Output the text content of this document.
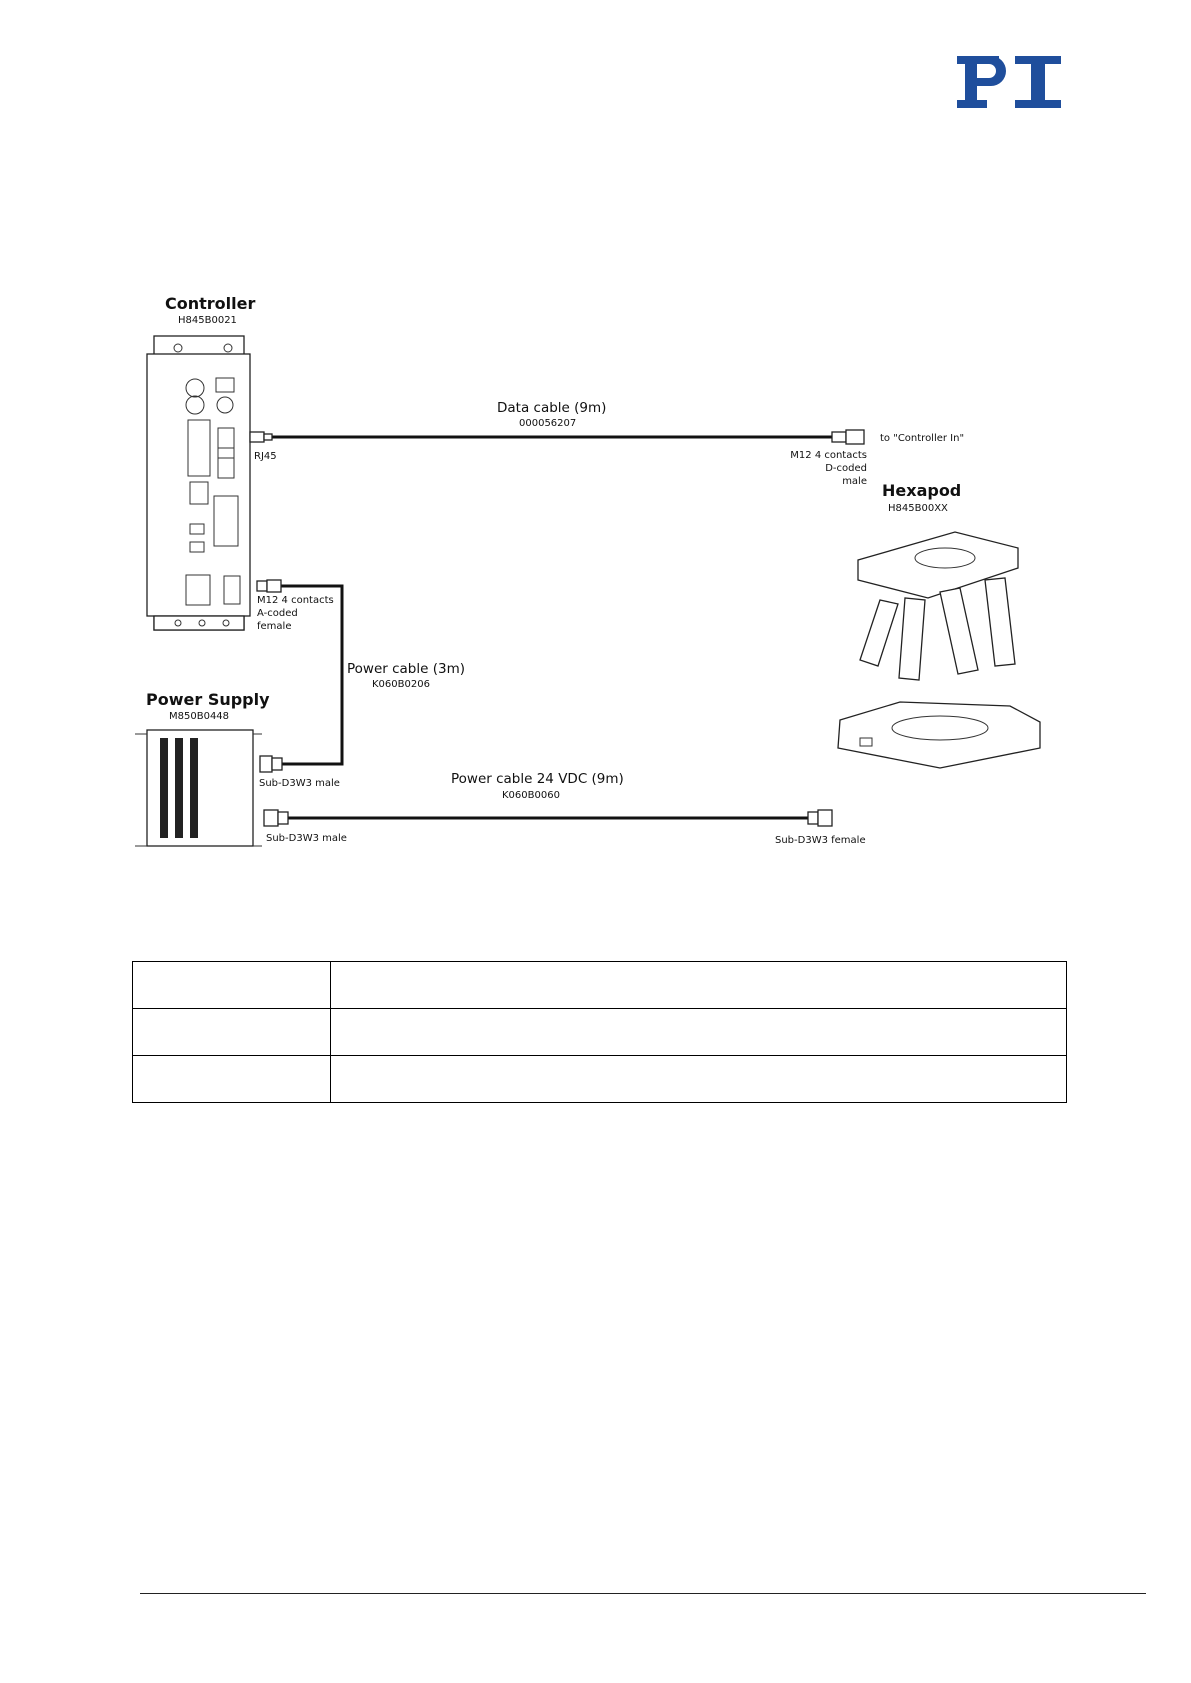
Controller
H845B0021
Data cable (9m)
000056207
RJ45
to "Controller In"
M12 4 contacts
D-coded
male Hexapod
H845B00XX
M12 4 contacts
A-coded
female
Power cable (3m)
K060B0206
Sub-D3W3 male
Power Supply
M850B0448
Power cable 24 VDC (9m)
K060B0060
Sub-D3W3 male	Sub-D3W3 female
